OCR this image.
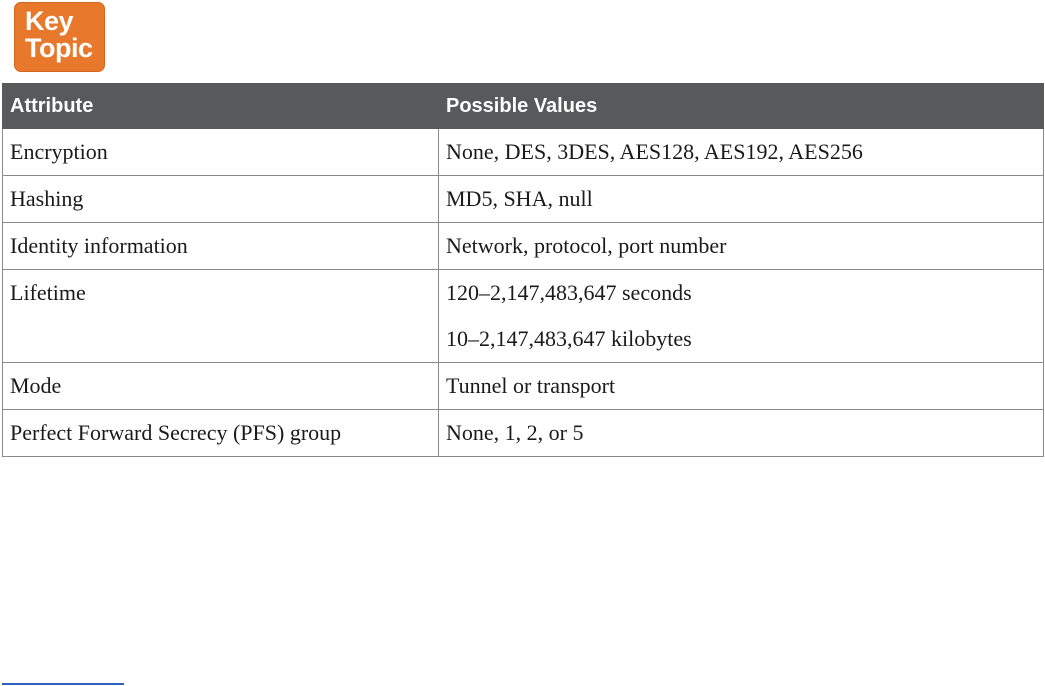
Key
Topic
Attribute	Possible Values
Encryption	None, DES, 3DES, AES128, AES192, AES256

Hashing	MD5, SHA, null

Identity information	Network, protocol, port number

Lifetime	120–2,147,483,647 seconds
10–2,147,483,647 kilobytes

Mode	Tunnel or transport

Perfect Forward Secrecy (PFS) group	None, 1, 2, or 5
